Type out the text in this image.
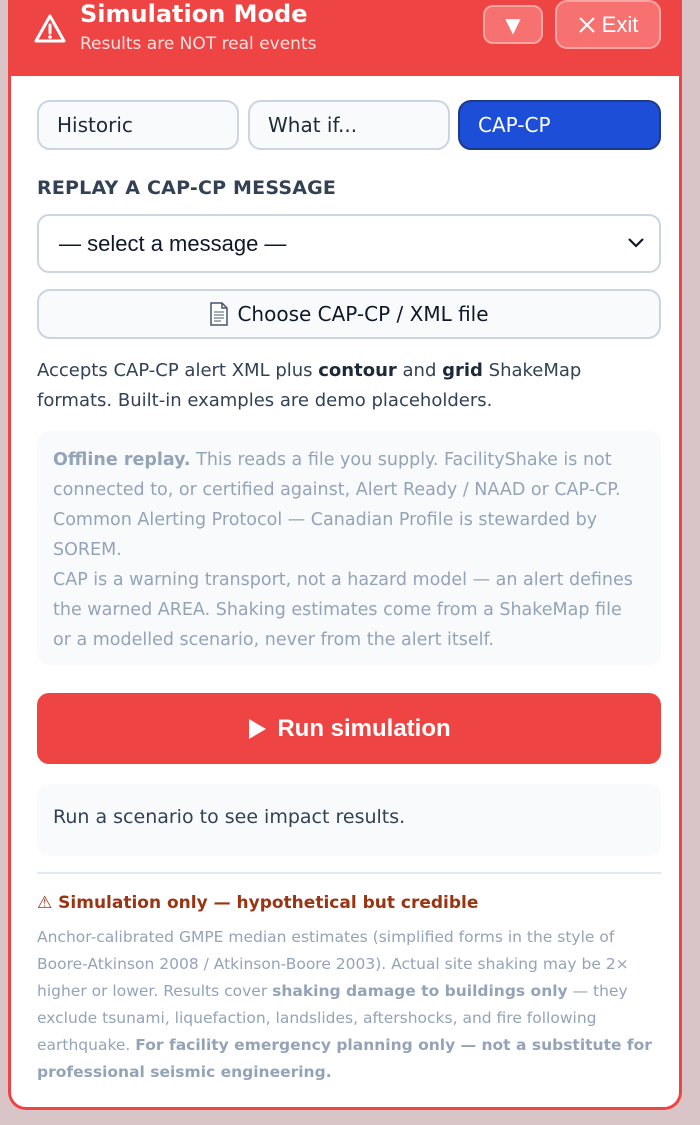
Simulation Mode
Results are NOT real events
▼	Exit
Historic	What if...	CAP-CP
REPLAY A CAP-CP MESSAGE
— select a message —
Choose CAP-CP / XML file
Accepts CAP-CP alert XML plus contour and grid ShakeMap formats. Built-in examples are demo placeholders.
Offline replay. This reads a file you supply. FacilityShake is not connected to, or certified against, Alert Ready / NAAD or CAP-CP. Common Alerting Protocol — Canadian Profile is stewarded by SOREM.
CAP is a warning transport, not a hazard model — an alert defines the warned AREA. Shaking estimates come from a ShakeMap file or a modelled scenario, never from the alert itself.
Run simulation
Run a scenario to see impact results.
⚠ Simulation only — hypothetical but credible
Anchor-calibrated GMPE median estimates (simplified forms in the style of Boore-Atkinson 2008 / Atkinson-Boore 2003). Actual site shaking may be 2× higher or lower. Results cover shaking damage to buildings only — they exclude tsunami, liquefaction, landslides, aftershocks, and fire following earthquake. For facility emergency planning only — not a substitute for professional seismic engineering.
